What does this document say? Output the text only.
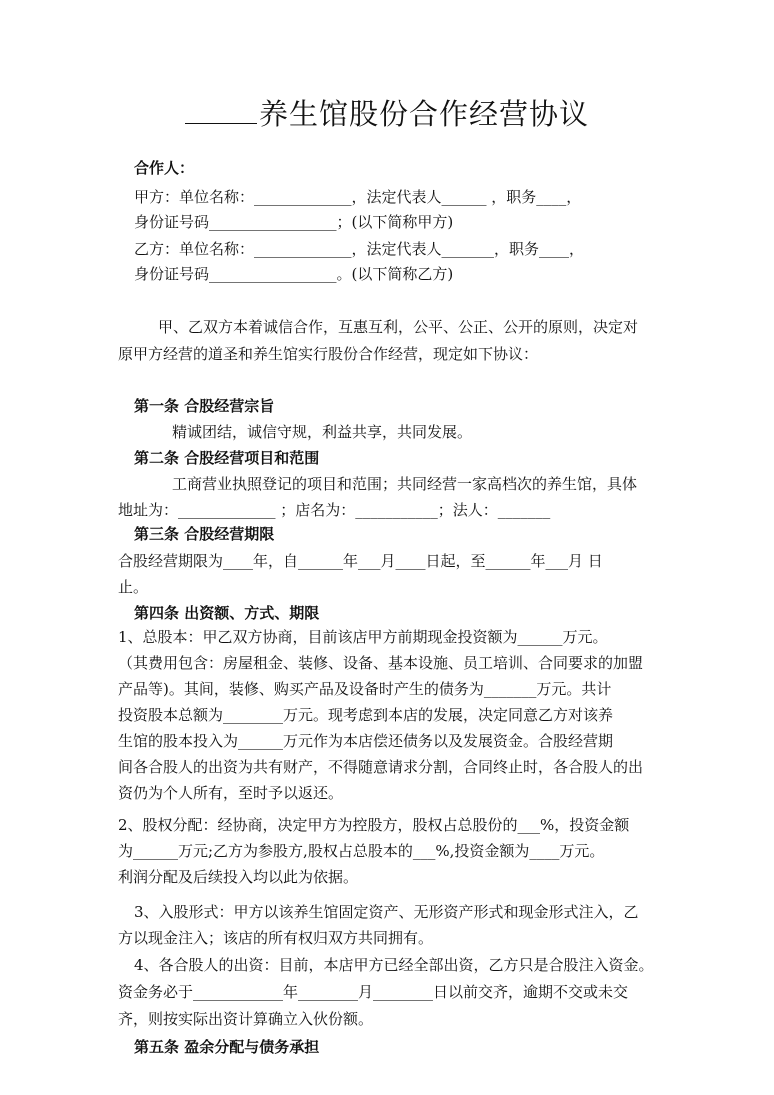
养生馆股份合作经营协议
合作人：
甲方：单位名称：_____________，法定代表人______ ，职务____，
身份证号码_________________；(以下简称甲方)
乙方：单位名称：_____________，法定代表人_______，职务____，
身份证号码_________________。(以下简称乙方)
甲、乙双方本着诚信合作，互惠互利，公平、公正、公开的原则，决定对
原甲方经营的道圣和养生馆实行股份合作经营，现定如下协议：
第一条 合股经营宗旨
精诚团结，诚信守规，利益共享，共同发展。
第二条 合股经营项目和范围
工商营业执照登记的项目和范围；共同经营一家高档次的养生馆，具体
地址为：_____________ ；店名为：___________；法人：_______
第三条 合股经营期限
合股经营期限为____年，自______年___月____日起，至______年___月 日
止。
第四条 出资额、方式、期限
1、总股本：甲乙双方协商，目前该店甲方前期现金投资额为______万元。
（其费用包含：房屋租金、装修、设备、基本设施、员工培训、合同要求的加盟
产品等)。其间，装修、购买产品及设备时产生的债务为_______万元。共计
投资股本总额为________万元。现考虑到本店的发展，决定同意乙方对该养
生馆的股本投入为______万元作为本店偿还债务以及发展资金。合股经营期
间各合股人的出资为共有财产，不得随意请求分割，合同终止时，各合股人的出
资仍为个人所有，至时予以返还。
2、股权分配：经协商，决定甲方为控股方，股权占总股份的___%，投资金额
为______万元;乙方为参股方,股权占总股本的___%,投资金额为____万元。
利润分配及后续投入均以此为依据。
3、入股形式：甲方以该养生馆固定资产、无形资产形式和现金形式注入，乙
方以现金注入；该店的所有权归双方共同拥有。
4、各合股人的出资：目前，本店甲方已经全部出资，乙方只是合股注入资金。
资金务必于____________年________月________日以前交齐，逾期不交或未交
齐，则按实际出资计算确立入伙份额。
第五条 盈余分配与债务承担
